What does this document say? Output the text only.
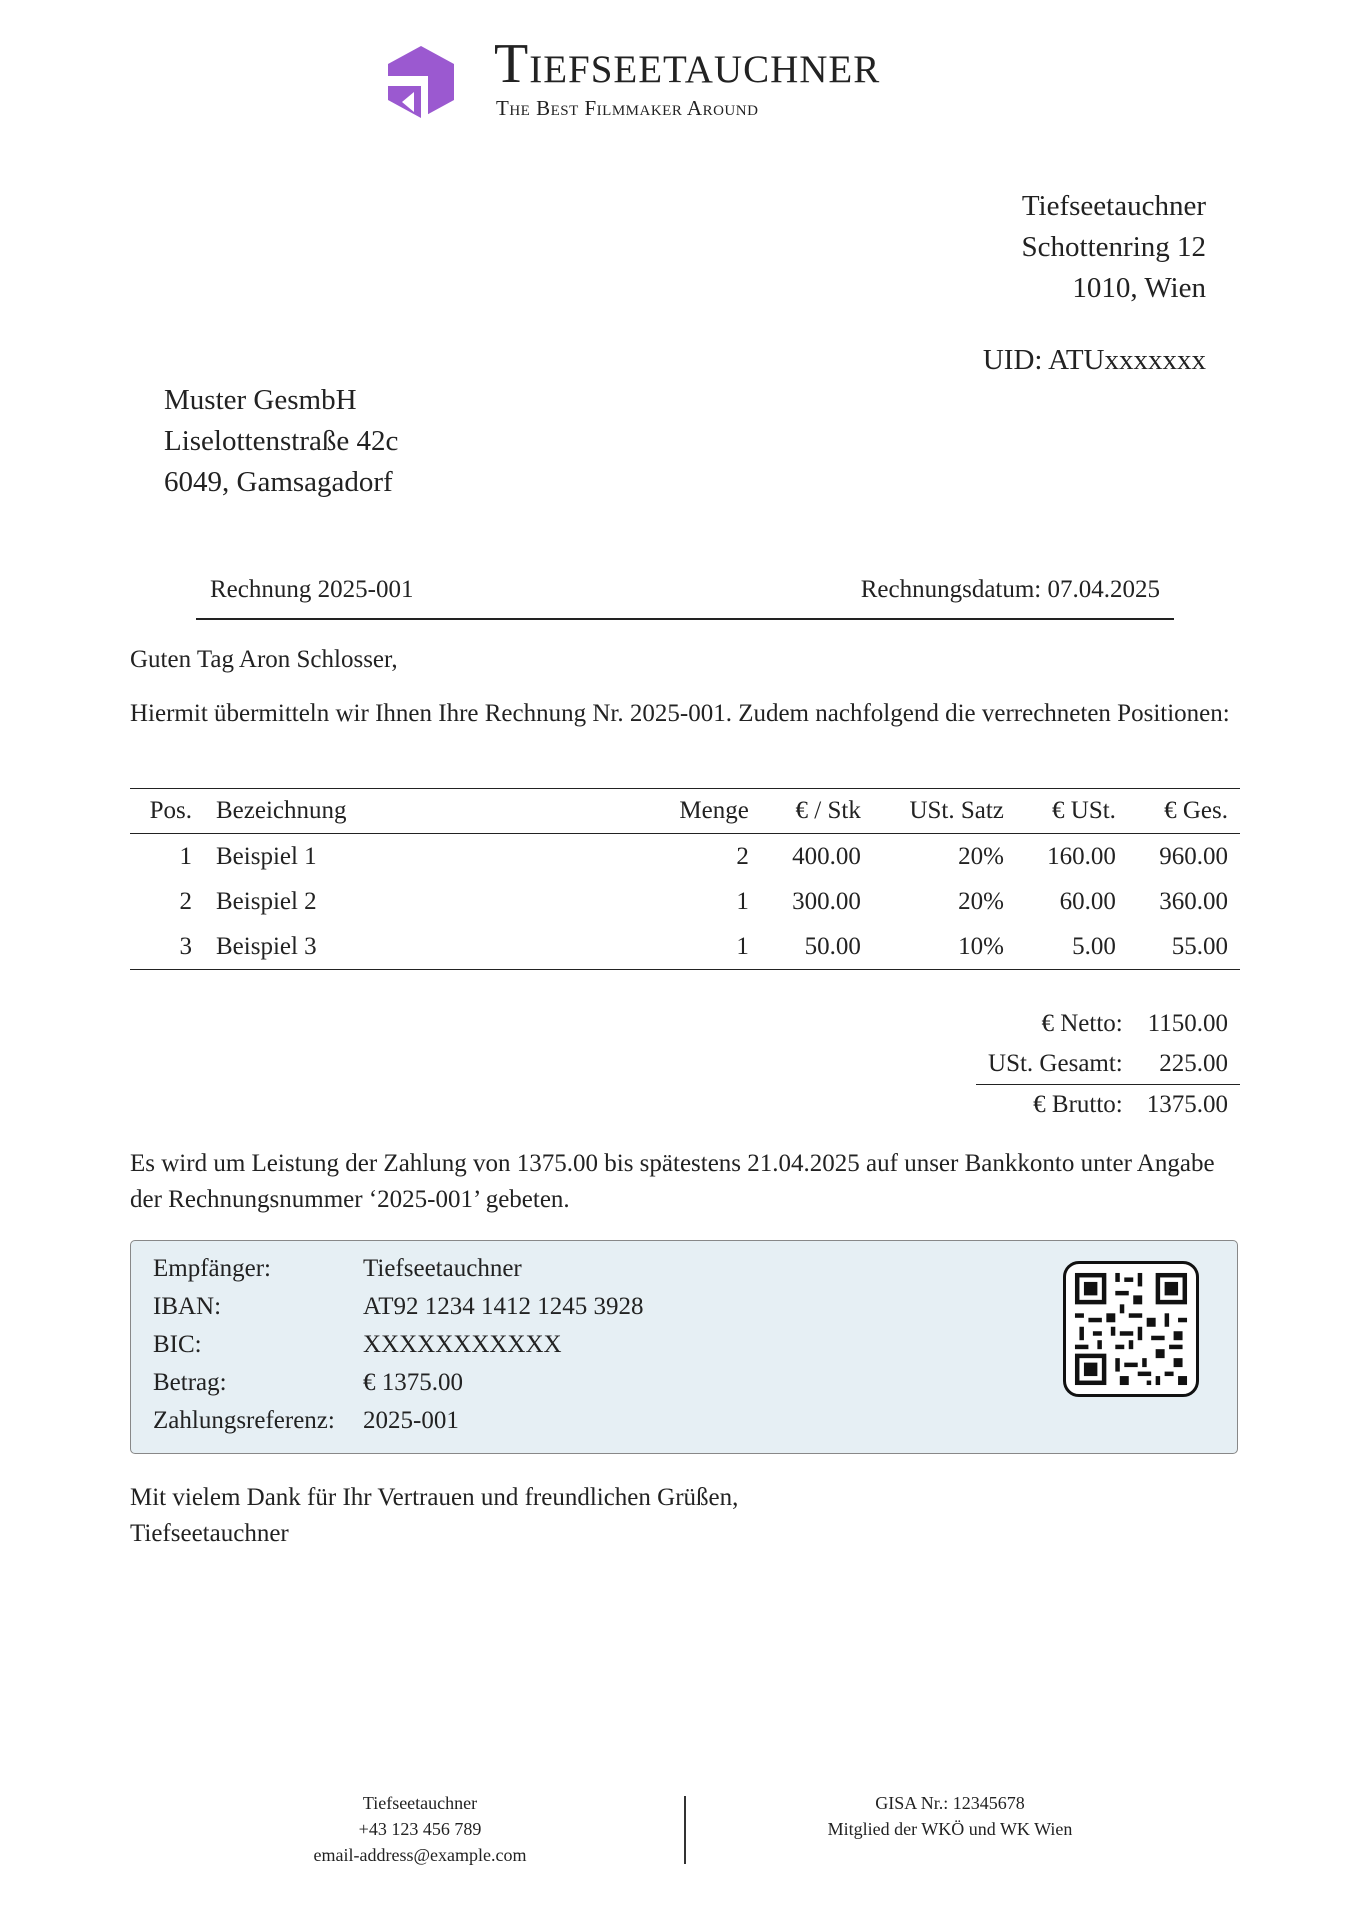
Tiefseetauchner
The Best Filmmaker Around
Tiefseetauchner
Schottenring 12
1010, Wien
UID: ATUxxxxxxx
Muster GesmbH
Liselottenstraße 42c
6049, Gamsagadorf
Rechnung 2025-001	Rechnungsdatum: 07.04.2025
Guten Tag Aron Schlosser,
Hiermit übermitteln wir Ihnen Ihre Rechnung Nr. 2025-001. Zudem nachfolgend die verrechneten Positionen:
Pos.	Bezeichnung	Menge	€ / Stk	USt. Satz	€ USt.	€ Ges.
1	Beispiel 1	2	400.00	20%	160.00	960.00
2	Beispiel 2	1	300.00	20%	60.00	360.00
3	Beispiel 3	1	50.00	10%	5.00	55.00
€ Netto:	1150.00
USt. Gesamt:	225.00
€ Brutto:	1375.00
Es wird um Leistung der Zahlung von 1375.00 bis spätestens 21.04.2025 auf unser Bankkonto unter Angabe der Rechnungsnummer ‘2025-001’ gebeten.
Empfänger:	Tiefseetauchner
IBAN:	AT92 1234 1412 1245 3928
BIC:	XXXXXXXXXXX
Betrag:	€ 1375.00
Zahlungsreferenz: 2025-001
Mit vielem Dank für Ihr Vertrauen und freundlichen Grüßen,
Tiefseetauchner
Tiefseetauchner
+43 123 456 789
email-address@example.com
GISA Nr.: 12345678
Mitglied der WKÖ und WK Wien
